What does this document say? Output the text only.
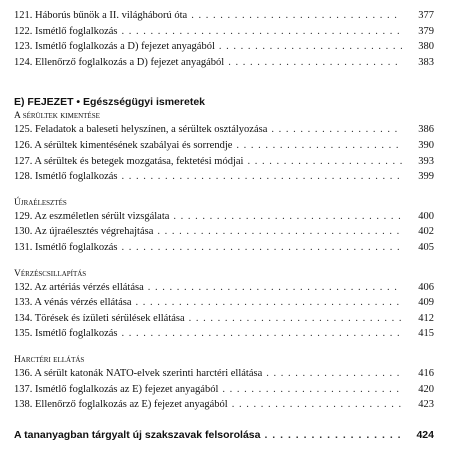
121. Háborús bűnök a II. világháború óta . . .	377
122. Ismétlő foglalkozás . . .	379
123. Ismétlő foglalkozás a D) fejezet anyagából . . .	380
124. Ellenőrző foglalkozás a D) fejezet anyagából . . .	383
E) FEJEZET • Egészségügyi ismeretek
A sérültek kimentése
125. Feladatok a baleseti helyszínen, a sérültek osztályozása . . .	386
126. A sérültek kimentésének szabályai és sorrendje . . .	390
127. A sérültek és betegek mozgatása, fektetési módjai . . .	393
128. Ismétlő foglalkozás . . .	399
Újraélesztés
129. Az eszméletlen sérült vizsgálata . . .	400
130. Az újraélesztés végrehajtása . . .	402
131. Ismétlő foglalkozás . . .	405
Vérzéscsillapítás
132. Az artériás vérzés ellátása . . .	406
133. A vénás vérzés ellátása . . .	409
134. Törések és ízületi sérülések ellátása . . .	412
135. Ismétlő foglalkozás . . .	415
Harctéri ellátás
136. A sérült katonák NATO-elvek szerinti harctéri ellátása . . .	416
137. Ismétlő foglalkozás az E) fejezet anyagából . . .	420
138. Ellenőrző foglalkozás az E) fejezet anyagából . . .	423
A tananyagban tárgyalt új szakszavak felsorolása . . .	424
